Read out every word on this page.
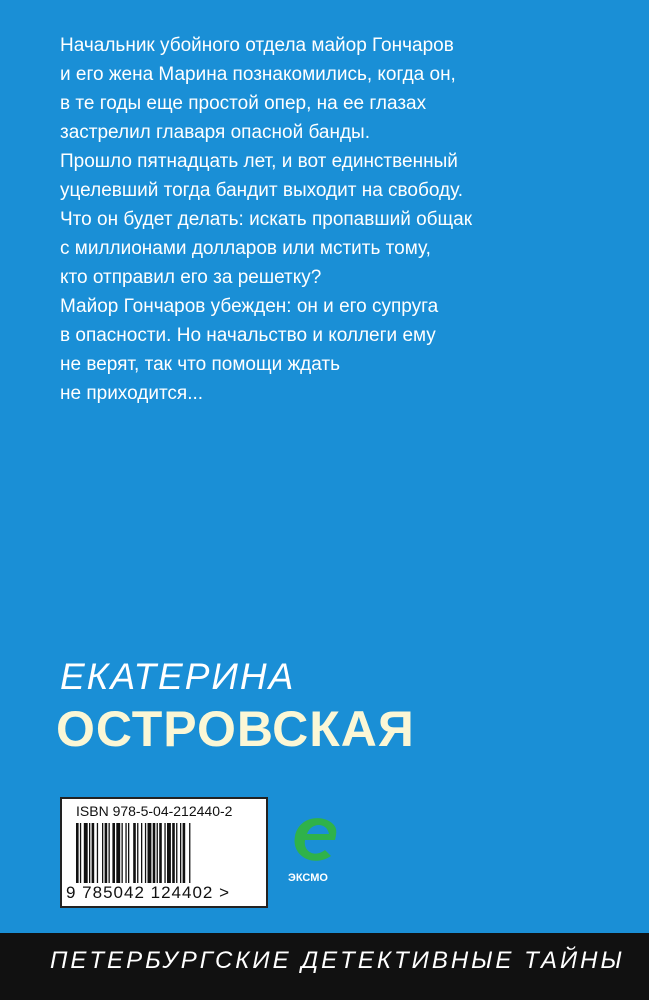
Начальник убойного отдела майор Гончаров
и его жена Марина познакомились, когда он,
в те годы еще простой опер, на ее глазах
застрелил главаря опасной банды.
Прошло пятнадцать лет, и вот единственный
уцелевший тогда бандит выходит на свободу.
Что он будет делать: искать пропавший общак
с миллионами долларов или мстить тому,
кто отправил его за решетку?
Майор Гончаров убежден: он и его супруга
в опасности. Но начальство и коллеги ему
не верят, так что помощи ждать
не приходится...
ЕКАТЕРИНА
ОСТРОВСКАЯ
ISBN 978-5-04-212440-2
9 785042 124402 >
ЭКСМО
ПЕТЕРБУРГСКИЕ ДЕТЕКТИВНЫЕ ТАЙНЫ
